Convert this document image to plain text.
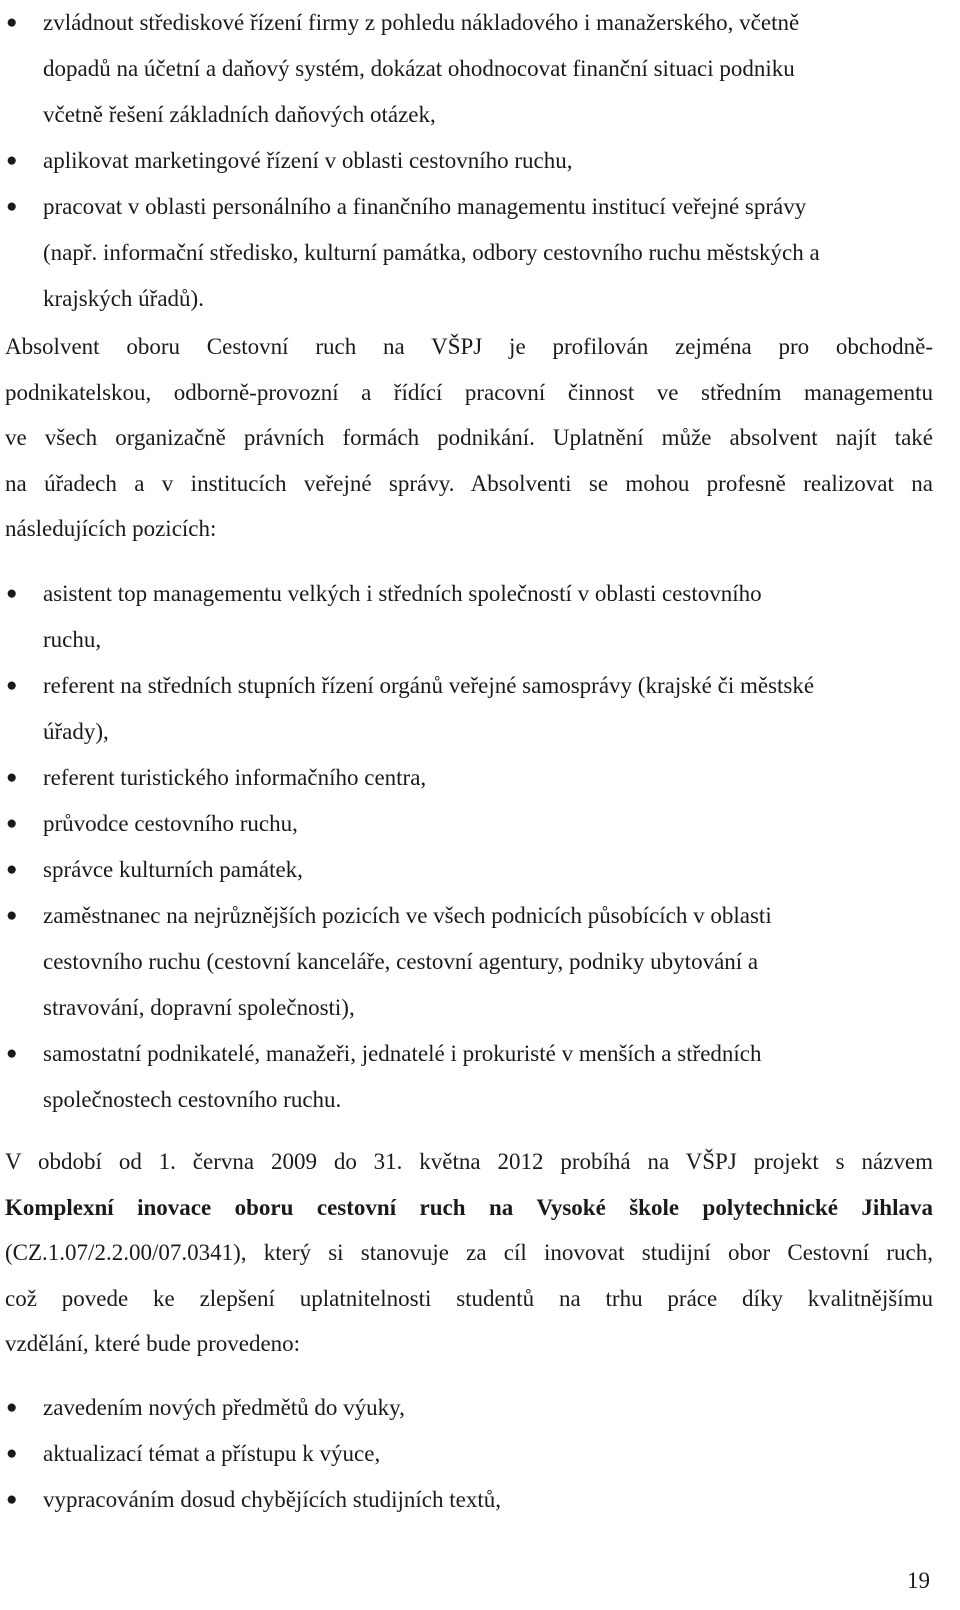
● zvládnout střediskové řízení firmy z pohledu nákladového i manažerského, včetně
dopadů na účetní a daňový systém, dokázat ohodnocovat finanční situaci podniku
včetně řešení základních daňových otázek,
● aplikovat marketingové řízení v oblasti cestovního ruchu,
● pracovat v oblasti personálního a finančního managementu institucí veřejné správy
(např. informační středisko, kulturní památka, odbory cestovního ruchu městských a
krajských úřadů).
Absolvent oboru Cestovní ruch na VŠPJ je profilován zejména pro obchodně-
podnikatelskou, odborně-provozní a řídící pracovní činnost ve středním managementu
ve všech organizačně právních formách podnikání. Uplatnění může absolvent najít také
na úřadech a v institucích veřejné správy. Absolventi se mohou profesně realizovat na
následujících pozicích:
● asistent top managementu velkých i středních společností v oblasti cestovního
ruchu,
● referent na středních stupních řízení orgánů veřejné samosprávy (krajské či městské
úřady),
● referent turistického informačního centra,
● průvodce cestovního ruchu,
● správce kulturních památek,
● zaměstnanec na nejrůznějších pozicích ve všech podnicích působících v oblasti
cestovního ruchu (cestovní kanceláře, cestovní agentury, podniky ubytování a
stravování, dopravní společnosti),
● samostatní podnikatelé, manažeři, jednatelé i prokuristé v menších a středních
společnostech cestovního ruchu.
V období od 1. června 2009 do 31. května 2012 probíhá na VŠPJ projekt s názvem
Komplexní inovace oboru cestovní ruch na Vysoké škole polytechnické Jihlava
(CZ.1.07/2.2.00/07.0341), který si stanovuje za cíl inovovat studijní obor Cestovní ruch,
což povede ke zlepšení uplatnitelnosti studentů na trhu práce díky kvalitnějšímu
vzdělání, které bude provedeno:
● zavedením nových předmětů do výuky,
● aktualizací témat a přístupu k výuce,
● vypracováním dosud chybějících studijních textů,
19
